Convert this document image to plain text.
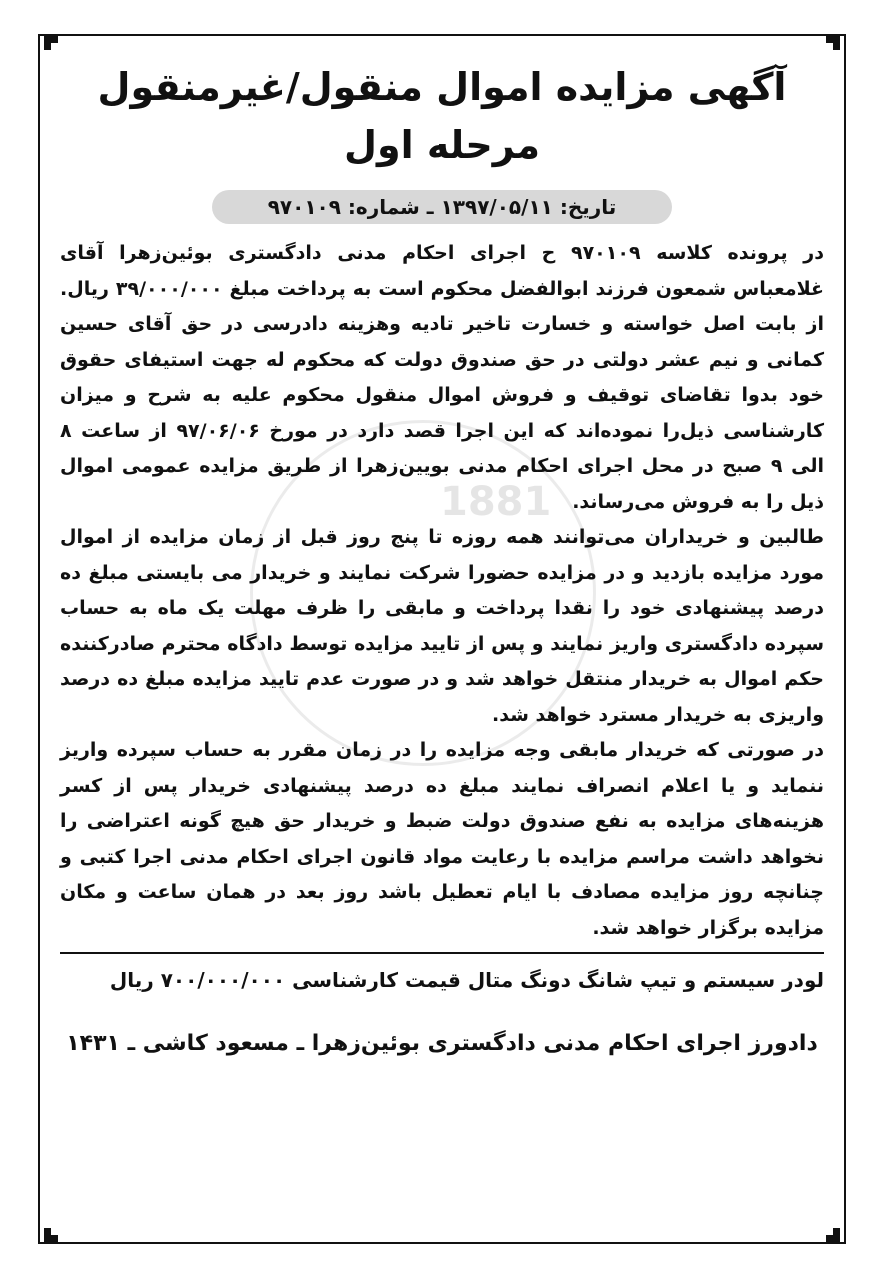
1881
آگهی مزایده اموال منقول/غیرمنقول
مرحله اول
تاریخ: ۱۳۹۷/۰۵/۱۱ ـ شماره: ۹۷۰۱۰۹

در پرونده کلاسه ۹۷۰۱۰۹ ح اجرای احکام مدنی دادگستری بوئین‌زهرا آقای غلامعباس شمعون فرزند ابوالفضل محکوم است به پرداخت مبلغ ۳۹/۰۰۰/۰۰۰ ریال. از بابت اصل خواسته و خسارت تاخیر تادیه وهزینه دادرسی در حق آقای حسین کمانی و نیم عشر دولتی در حق صندوق دولت که محکوم له جهت استیفای حقوق خود بدوا تقاضای توقیف و فروش اموال منقول محکوم علیه به شرح و میزان کارشناسی ذیل‌را نموده‌اند که این اجرا قصد دارد در مورخ ۹۷/۰۶/۰۶ از ساعت ۸ الی ۹ صبح در محل اجرای احکام مدنی بویین‌زهرا از طریق مزایده عمومی اموال ذیل را به فروش می‌رساند.

طالبین و خریداران می‌توانند همه روزه تا پنج روز قبل از زمان مزایده از اموال مورد مزایده بازدید و در مزایده حضورا شرکت نمایند و خریدار می بایستی مبلغ ده درصد پیشنهادی خود را نقدا پرداخت و مابقی را ظرف مهلت یک ماه به حساب سپرده دادگستری واریز نمایند و پس از تایید مزایده توسط دادگاه محترم صادرکننده حکم اموال به خریدار منتقل خواهد شد و در صورت عدم تایید مزایده مبلغ ده درصد واریزی به خریدار مسترد خواهد شد.

در صورتی که خریدار مابقی وجه مزایده را در زمان مقرر به حساب سپرده واریز ننماید و یا اعلام انصراف نمایند مبلغ ده درصد پیشنهادی خریدار پس از کسر هزینه‌های مزایده به نفع صندوق دولت ضبط و خریدار حق هیچ گونه اعتراضی را نخواهد داشت مراسم مزایده با رعایت مواد قانون اجرای احکام مدنی اجرا کتبی و چنانچه روز مزایده مصادف با ایام تعطیل باشد روز بعد در همان ساعت و مکان مزایده برگزار خواهد شد.

لودر سیستم و تیپ شانگ دونگ متال قیمت کارشناسی ۷۰۰/۰۰۰/۰۰۰ ریال

دادورز اجرای احکام مدنی دادگستری بوئین‌زهرا ـ مسعود کاشی ـ ۱۴۳۱
